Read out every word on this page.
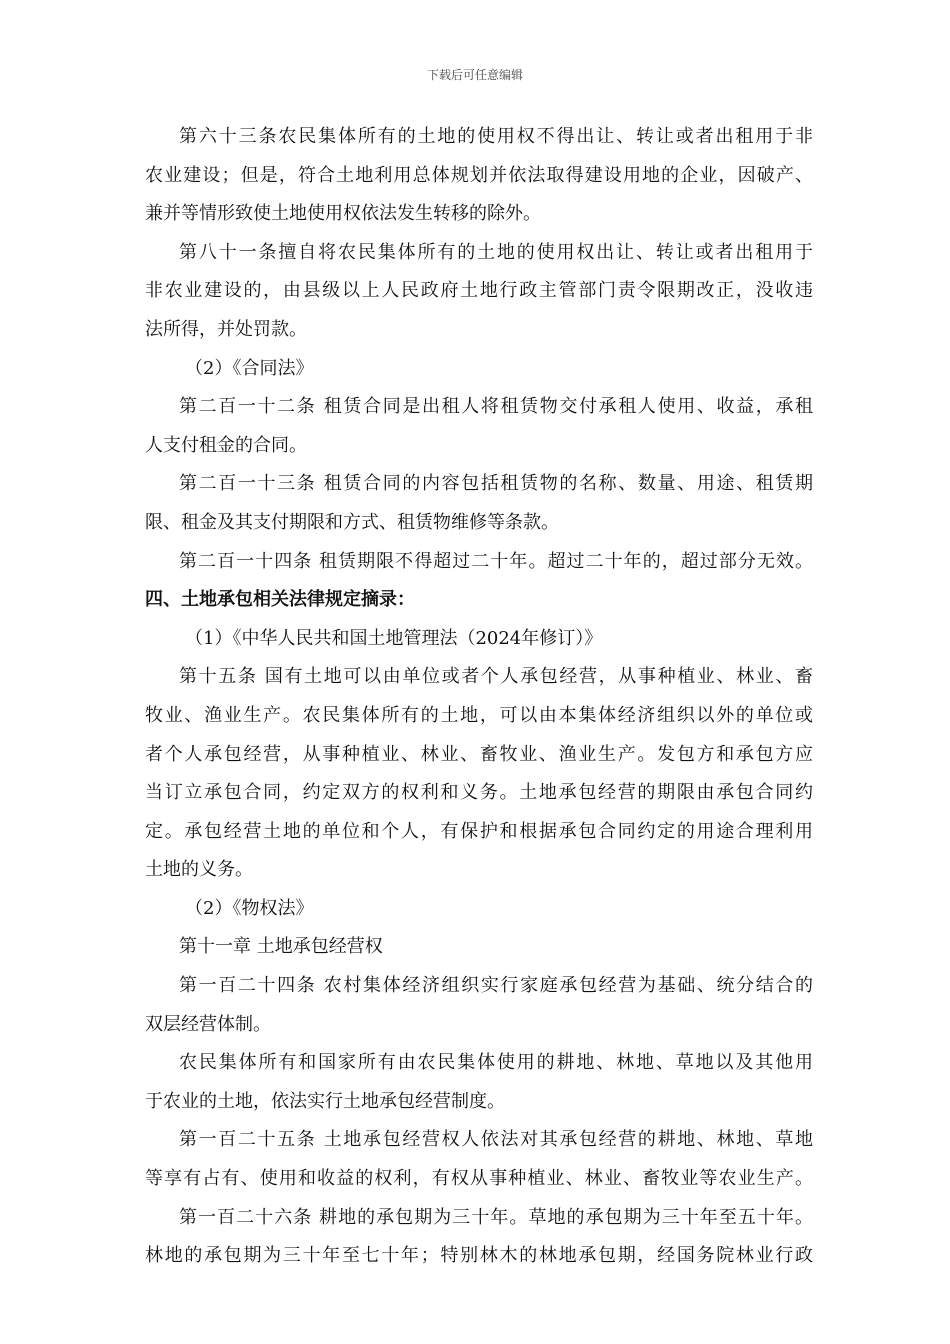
下载后可任意编辑
第六十三条农民集体所有的土地的使用权不得出让、转让或者出租用于非
农业建设；但是，符合土地利用总体规划并依法取得建设用地的企业，因破产、
兼并等情形致使土地使用权依法发生转移的除外。
第八十一条擅自将农民集体所有的土地的使用权出让、转让或者出租用于
非农业建设的，由县级以上人民政府土地行政主管部门责令限期改正，没收违
法所得，并处罚款。
（2）《合同法》
第二百一十二条 租赁合同是出租人将租赁物交付承租人使用、收益，承租
人支付租金的合同。
第二百一十三条 租赁合同的内容包括租赁物的名称、数量、用途、租赁期
限、租金及其支付期限和方式、租赁物维修等条款。
第二百一十四条 租赁期限不得超过二十年。超过二十年的，超过部分无效。
四、土地承包相关法律规定摘录：
（1）《中华人民共和国土地管理法（2024年修订）》
第十五条 国有土地可以由单位或者个人承包经营，从事种植业、林业、畜
牧业、渔业生产。农民集体所有的土地，可以由本集体经济组织以外的单位或
者个人承包经营，从事种植业、林业、畜牧业、渔业生产。发包方和承包方应
当订立承包合同，约定双方的权利和义务。土地承包经营的期限由承包合同约
定。承包经营土地的单位和个人，有保护和根据承包合同约定的用途合理利用
土地的义务。
（2）《物权法》
第十一章 土地承包经营权
第一百二十四条 农村集体经济组织实行家庭承包经营为基础、统分结合的
双层经营体制。
农民集体所有和国家所有由农民集体使用的耕地、林地、草地以及其他用
于农业的土地，依法实行土地承包经营制度。
第一百二十五条 土地承包经营权人依法对其承包经营的耕地、林地、草地
等享有占有、使用和收益的权利，有权从事种植业、林业、畜牧业等农业生产。
第一百二十六条 耕地的承包期为三十年。草地的承包期为三十年至五十年。
林地的承包期为三十年至七十年；特别林木的林地承包期，经国务院林业行政
